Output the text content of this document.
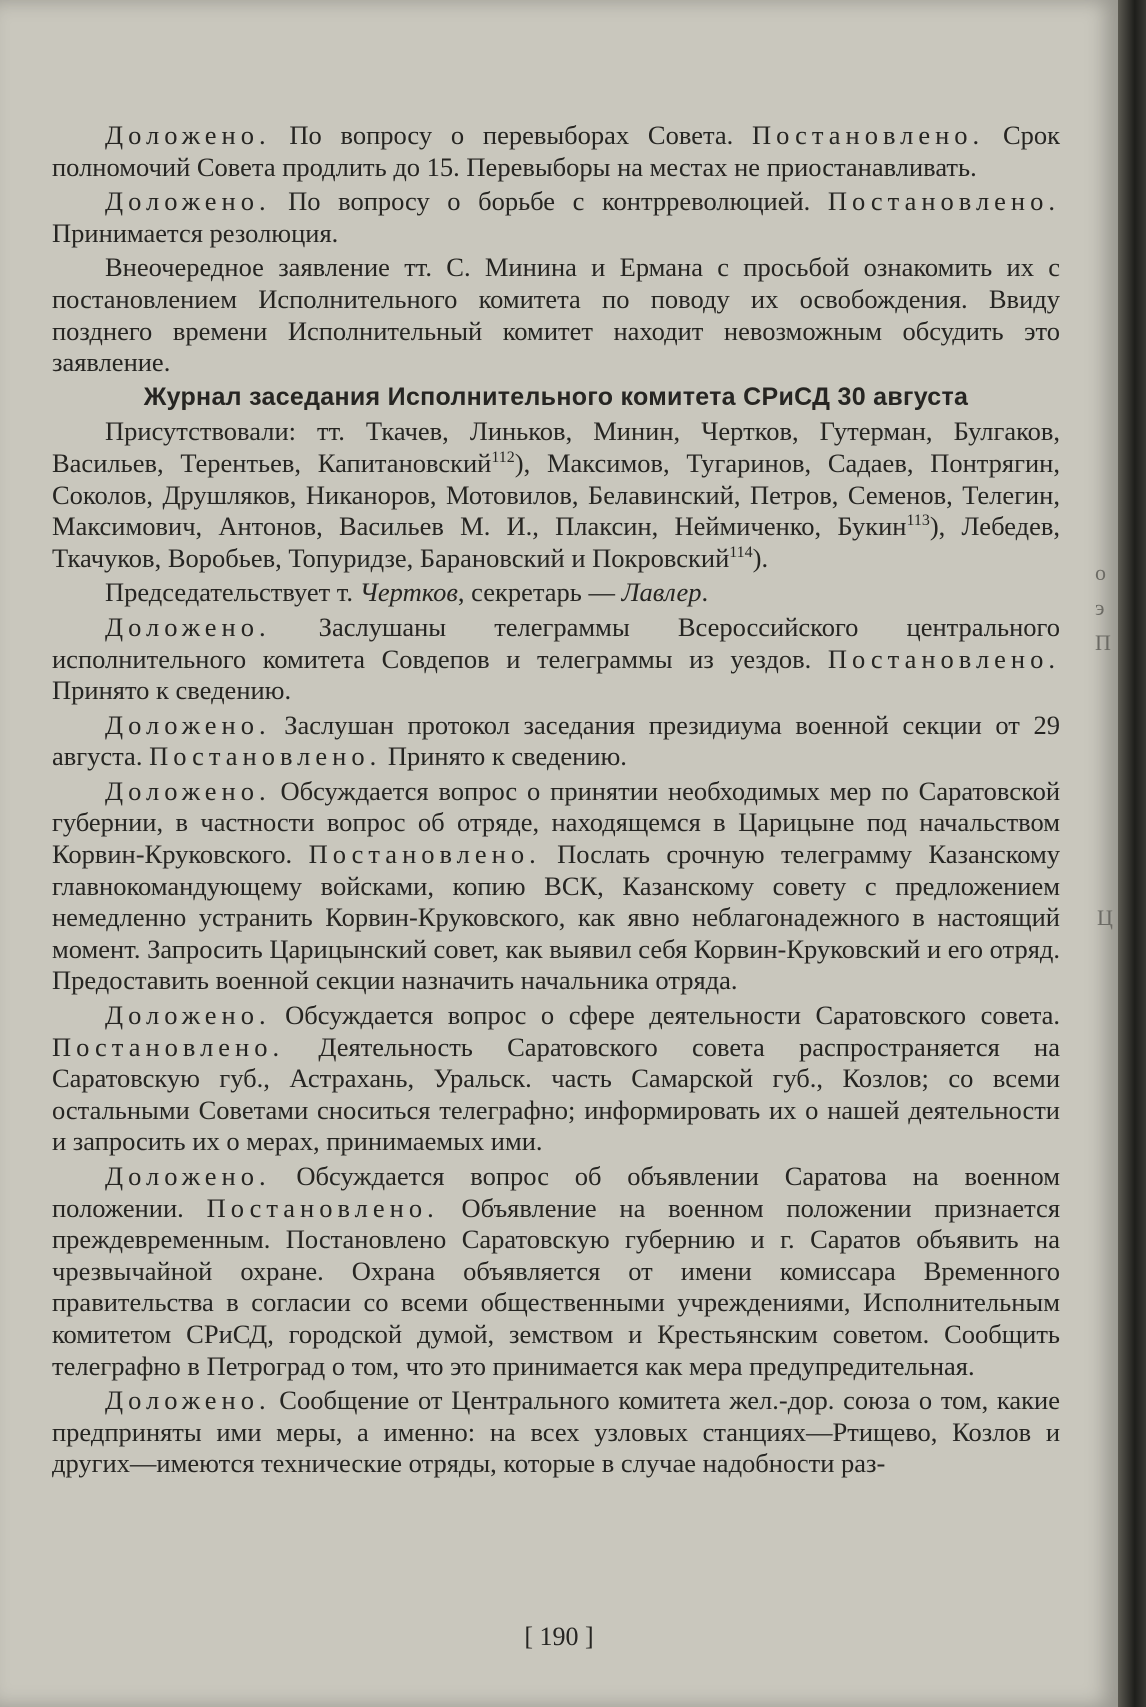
Доложено. По вопросу о перевыборах Совета. Постановлено. Срок полномочий Совета продлить до 15. Перевыборы на местах не приостанавливать.

Доложено. По вопросу о борьбе с контрреволюцией. Постановлено. Принимается резолюция.

Внеочередное заявление тт. С. Минина и Ермана с просьбой ознакомить их с постановлением Исполнительного комитета по поводу их освобождения. Ввиду позднего времени Исполнительный комитет находит невозможным обсудить это заявление.

Журнал заседания Исполнительного комитета СРиСД 30 августа

Присутствовали: тт. Ткачев, Линьков, Минин, Чертков, Гутерман, Булгаков, Васильев, Терентьев, Капитановский$^{112}$), Максимов, Тугаринов, Садаев, Понтрягин, Соколов, Друшляков, Никаноров, Мотовилов, Белавинский, Петров, Семенов, Телегин, Максимович, Антонов, Васильев М. И., Плаксин, Неймиченко, Букин$^{113}$), Лебедев, Ткачуков, Воробьев, Топуридзе, Барановский и Покровский$^{114}$).

Председательствует т. Чертков, секретарь — Лавлер.

Доложено. Заслушаны телеграммы Всероссийского центрального исполнительного комитета Совдепов и телеграммы из уездов. Постановлено. Принято к сведению.

Доложено. Заслушан протокол заседания президиума военной секции от 29 августа. Постановлено. Принято к сведению.

Доложено. Обсуждается вопрос о принятии необходимых мер по Саратовской губернии, в частности вопрос об отряде, находящемся в Царицыне под начальством Корвин-Круковского. Постановлено. Послать срочную телеграмму Казанскому главнокомандующему войсками, копию ВСК, Казанскому совету с предложением немедленно устранить Корвин-Круковского, как явно неблагонадежного в настоящий момент. Запросить Царицынский совет, как выявил себя Корвин-Круковский и его отряд. Предоставить военной секции назначить начальника отряда.

Доложено. Обсуждается вопрос о сфере деятельности Саратовского совета. Постановлено. Деятельность Саратовского совета распространяется на Саратовскую губ., Астрахань, Уральск. часть Самарской губ., Козлов; со всеми остальными Советами сноситься телеграфно; информировать их о нашей деятельности и запросить их о мерах, принимаемых ими.

Доложено. Обсуждается вопрос об объявлении Саратова на военном положении. Постановлено. Объявление на военном положении признается преждевременным. Постановлено Саратовскую губернию и г. Саратов объявить на чрезвычайной охране. Охрана объявляется от имени комиссара Временного правительства в согласии со всеми общественными учреждениями, Исполнительным комитетом СРиСД, городской думой, земством и Крестьянским советом. Сообщить телеграфно в Петроград о том, что это принимается как мера предупредительная.

Доложено. Сообщение от Центрального комитета жел.-дор. союза о том, какие предприняты ими меры, а именно: на всех узловых станциях—Ртищево, Козлов и других—имеются технические отряды, которые в случае надобности раз-

[ 190 ]
о
э
П
Ц
